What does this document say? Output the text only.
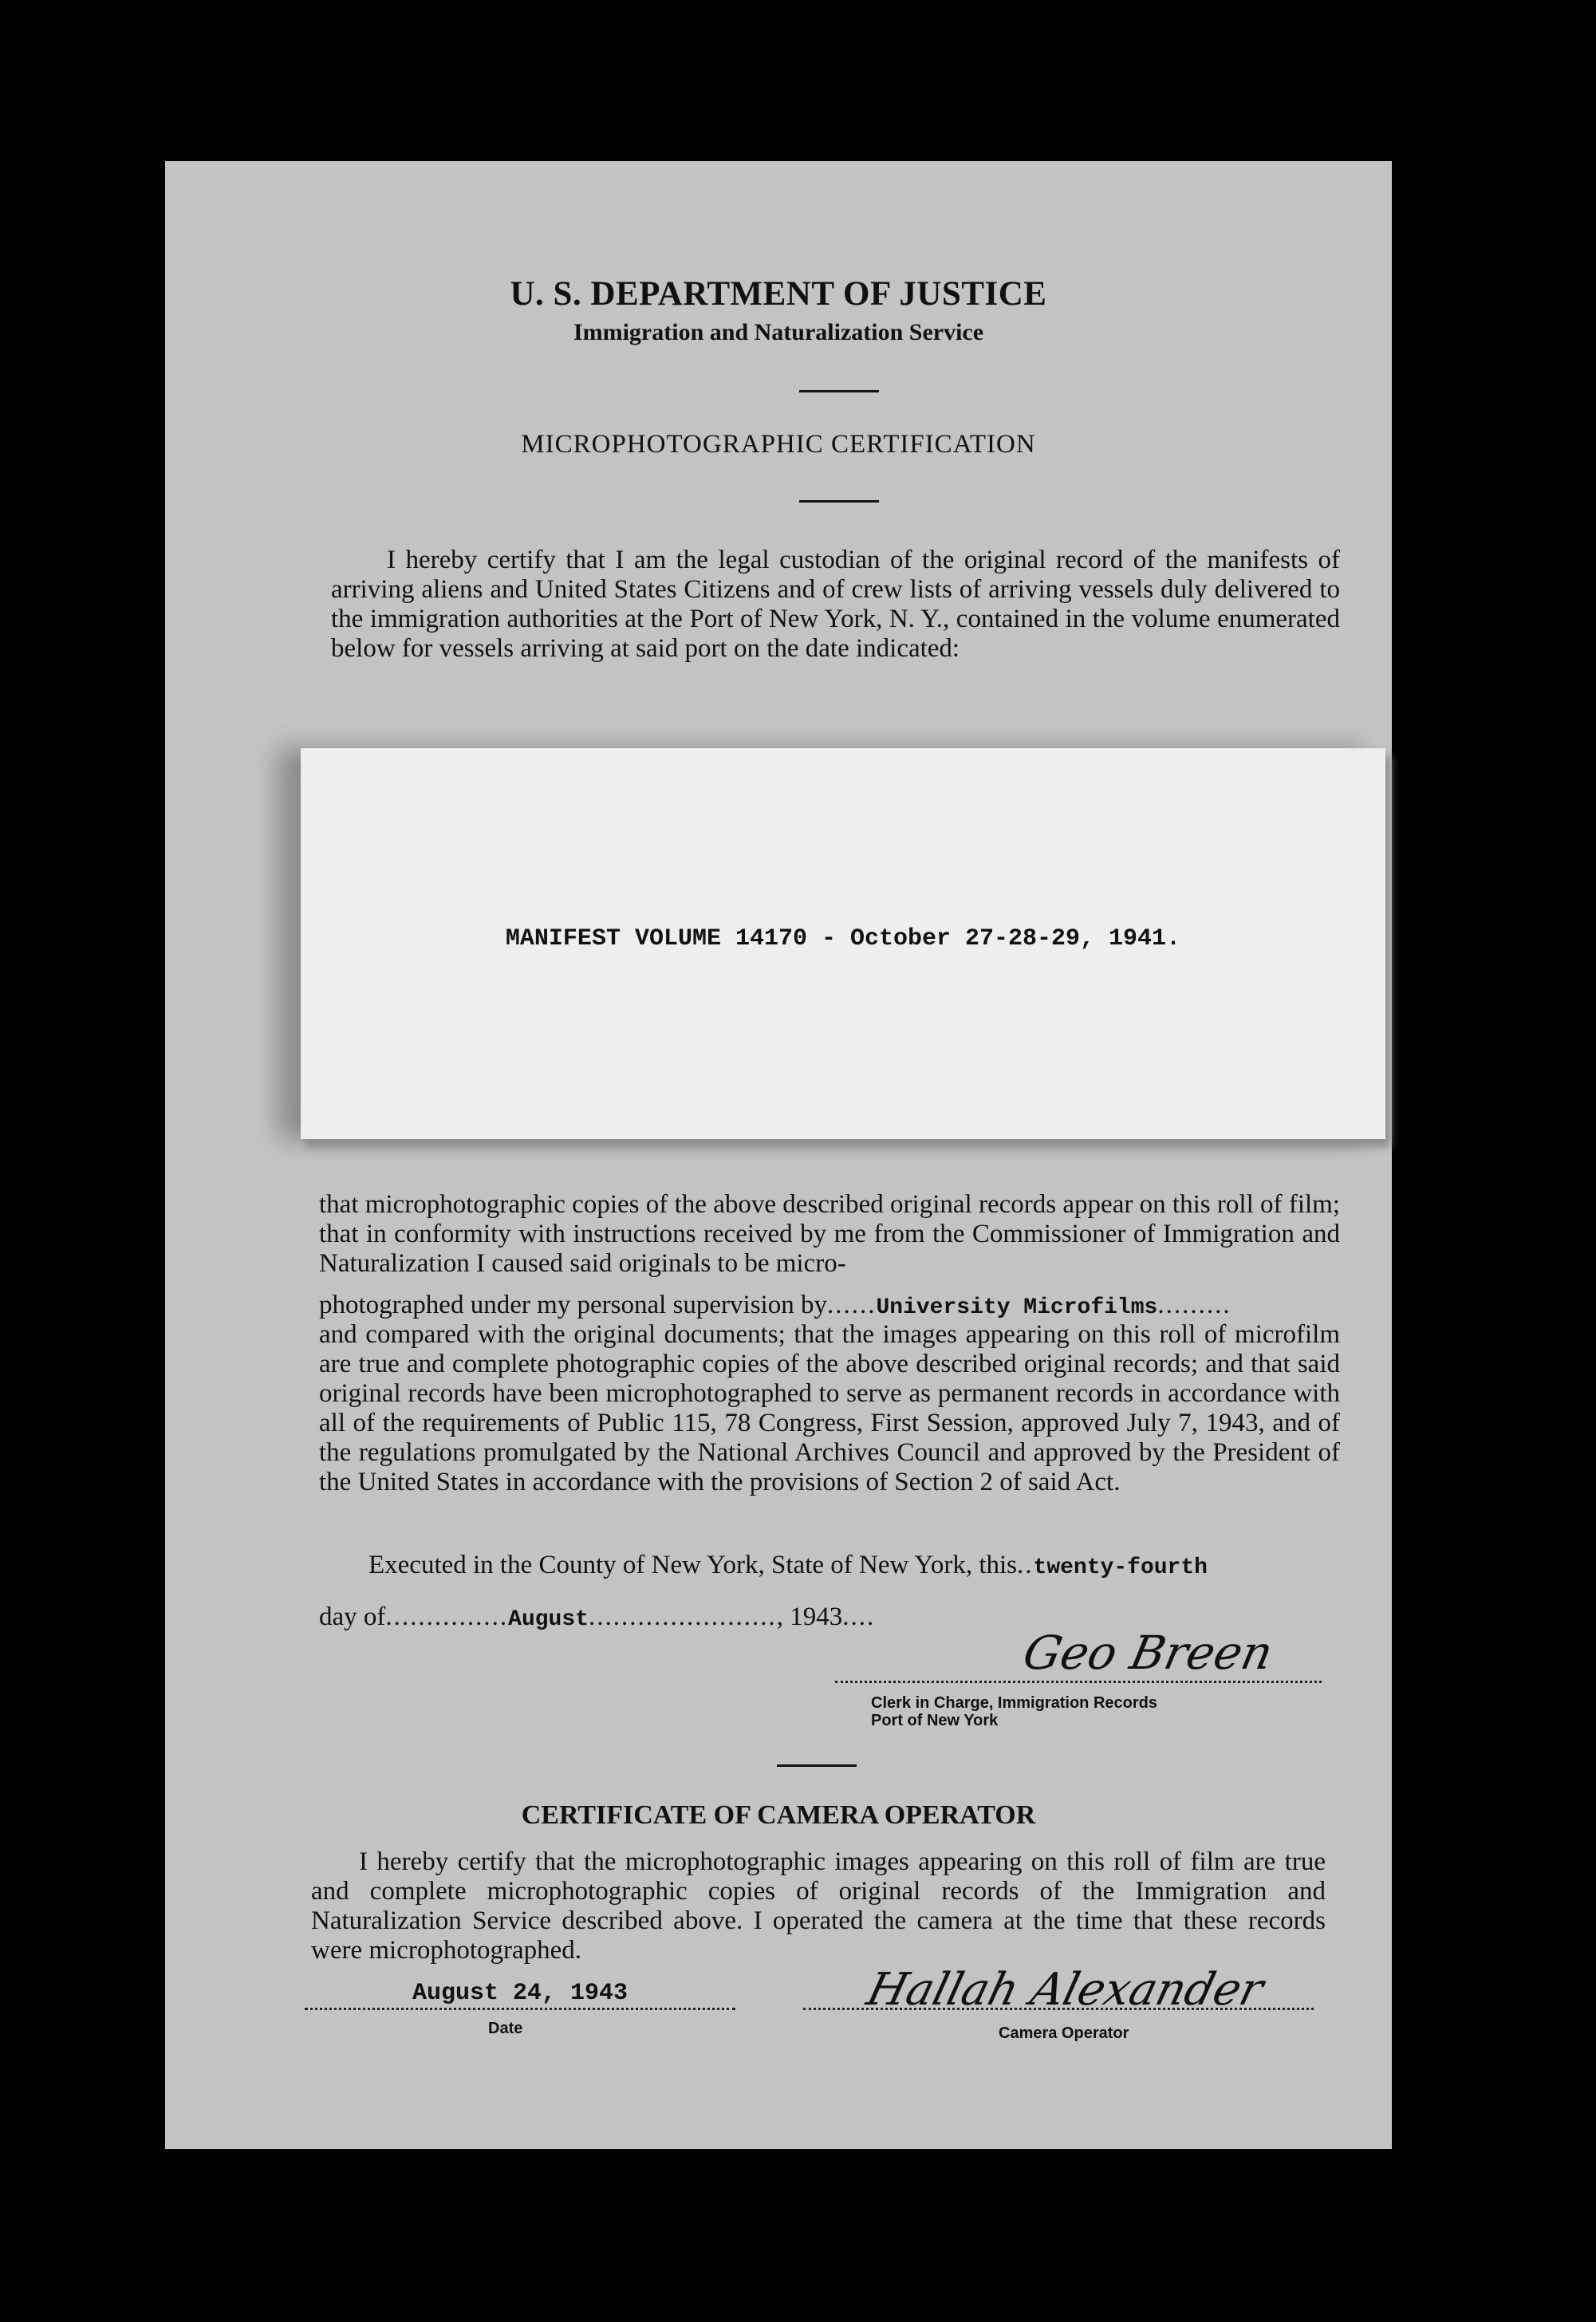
U. S. DEPARTMENT OF JUSTICE
Immigration and Naturalization Service
MICROPHOTOGRAPHIC CERTIFICATION
I hereby certify that I am the legal custodian of the original record of the manifests of arriving aliens and United States Citizens and of crew lists of arriving vessels duly delivered to the immigration authorities at the Port of New York, N. Y., contained in the volume enumerated below for vessels arriving at said port on the date indicated:
MANIFEST VOLUME 14170 - October 27-28-29, 1941.
that microphotographic copies of the above described original records appear on this roll of film; that in conformity with instructions received by me from the Commissioner of Immigration and Naturalization I caused said originals to be micro-
photographed under my personal supervision by......University Microfilms.........
and compared with the original documents; that the images appearing on this roll of microfilm are true and complete photographic copies of the above described original records; and that said original records have been microphotographed to serve as permanent records in accordance with all of the requirements of Public 115, 78 Congress, First Session, approved July 7, 1943, and of the regulations promulgated by the National Archives Council and approved by the President of the United States in accordance with the provisions of Section 2 of said Act.
Executed in the County of New York, State of New York, this..twenty-fourth
day of...............August......................., 1943....
Geo Breen
Clerk in Charge, Immigration Records
Port of New York
CERTIFICATE OF CAMERA OPERATOR
I hereby certify that the microphotographic images appearing on this roll of film are true and complete microphotographic copies of original records of the Immigration and Naturalization Service described above. I operated the camera at the time that these records were microphotographed.
August 24, 1943
Date
Hallah Alexander
Camera Operator
